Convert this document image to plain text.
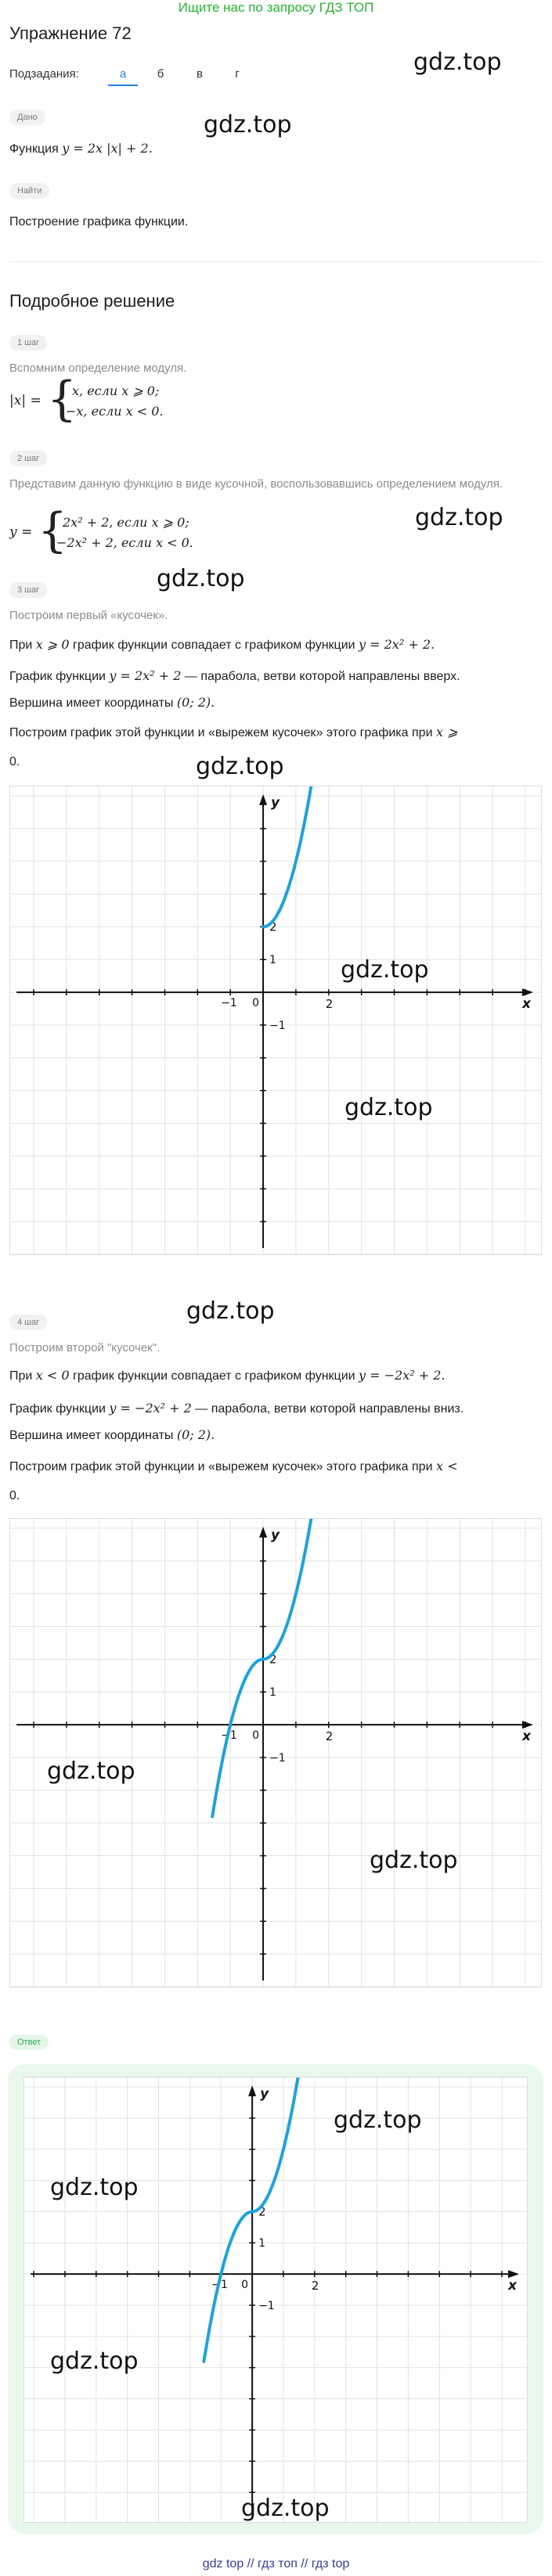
Ищите нас по запросу ГДЗ ТОП
Упражнение 72
gdz.top
Подзадания:	а	б	в	г
Дано	gdz.top
Функция y = 2x |x| + 2.
Найти
Построение графика функции.
Подробное решение
1 шаг
Вспомним определение модуля.
|x| = {
x, если x ⩾ 0;
−x, если x < 0.
2 шаг
Представим данную функцию в виде кусочной, воспользовавшись определением модуля.
gdz.top
y = {
2x² + 2, если x ⩾ 0;
−2x² + 2, если x < 0.
3 шаг	gdz.top
Построим первый «кусочек».
При x ⩾ 0 график функции совпадает с графиком функции y = 2x² + 2.
График функции y = 2x² + 2 — парабола, ветви которой направлены вверх.
Вершина имеет координаты (0; 2).
Построим график этой функции и «вырежем кусочек» этого графика при x ⩾
0.	gdz.top
x
y
0	2
−1
1
2
−1
gdz.top
gdz.top
gdz.top
4 шаг
Построим второй "кусочек".
При x < 0 график функции совпадает с графиком функции y = −2x² + 2.
График функции y = −2x² + 2 — парабола, ветви которой направлены вниз.
Вершина имеет координаты (0; 2).
Построим график этой функции и «вырежем кусочек» этого графика при x <
0.
x
y
0	2
−1
1
2
−1
gdz.top
gdz.top
Ответ
x
y
0	2
−1
1
2
−1
gdz.top
gdz.top
gdz.top
gdz.top
gdz top // гдз топ // гдз top
